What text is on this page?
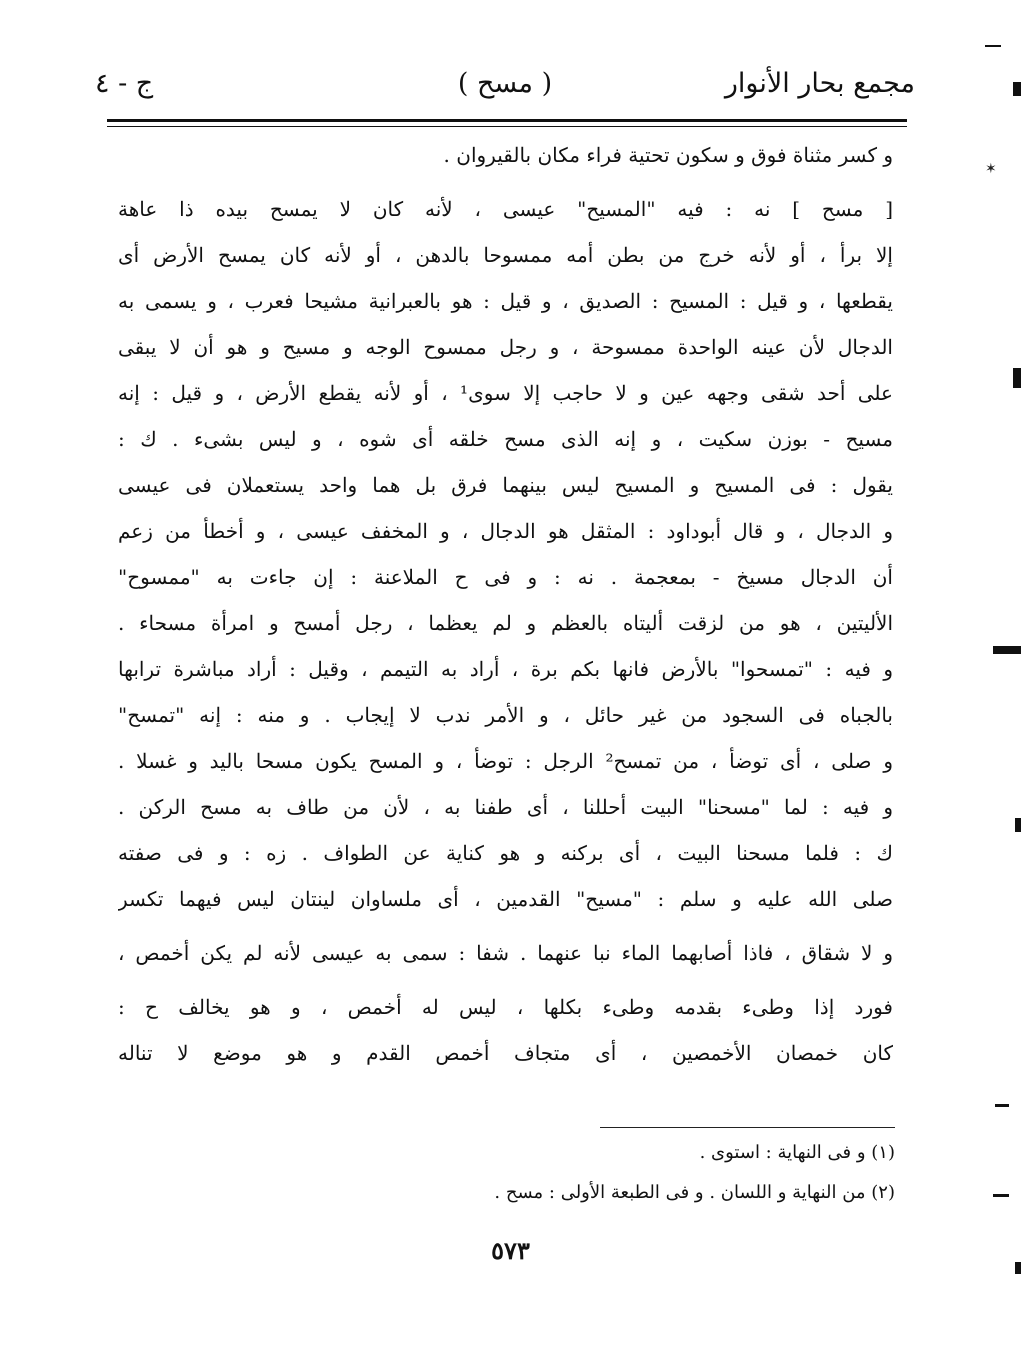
مجمع بحار الأنوار
( مسح )
ج - ٤
و كسر مثناة فوق و سكون تحتية فراء مكان بالقيروان .
[ مسح ] نه : فيه "المسيح" عيسى ، لأنه كان لا يمسح بيده ذا عاهة
إلا برأ ، أو لأنه خرج من بطن أمه ممسوحا بالدهن ، أو لأنه كان يمسح الأرض أى
يقطعها ، و قيل : المسيح : الصديق ، و قيل : هو بالعبرانية مشيحا فعرب ، و يسمى به
الدجال لأن عينه الواحدة ممسوحة ، و رجل ممسوح الوجه و مسيح و هو أن لا يبقى
على أحد شقى وجهه عين و لا حاجب إلا سوى¹ ، أو لأنه يقطع الأرض ، و قيل : إنه
مسيح - بوزن سكيت ، و إنه الذى مسح خلقه أى شوه ، و ليس بشىء . ك :
يقول : فى المسيح و المسيح ليس بينهما فرق بل هما واحد يستعملان فى عيسى
و الدجال ، و قال أبوداود : المثقل هو الدجال ، و المخفف عيسى ، و أخطأ من زعم
أن الدجال مسيخ - بمعجمة . نه : و فى ح الملاعنة : إن جاءت به "ممسوح"
الأليتين ، هو من لزقت أليتاه بالعظم و لم يعظما ، رجل أمسح و امرأة مسحاء .
و فيه : "تمسحوا" بالأرض فانها بكم برة ، أراد به التيمم ، وقيل : أراد مباشرة ترابها
بالجباه فى السجود من غير حائل ، و الأمر ندب لا إيجاب . و منه : إنه "تمسح"
و صلى ، أى توضأ ، من تمسح² الرجل : توضأ ، و المسح يكون مسحا باليد و غسلا .
و فيه : لما "مسحنا" البيت أحللنا ، أى طفنا به ، لأن من طاف به مسح الركن .
ك : فلما مسحنا البيت ، أى بركنه و هو كناية عن الطواف . زه : و فى صفته
صلى الله عليه و سلم : "مسيح" القدمين ، أى ملساوان لينتان ليس فيهما تكسر
و لا شقاق ، فاذا أصابهما الماء نبا عنهما . شفا : سمى به عيسى لأنه لم يكن أخمص ،
فورد إذا وطىء بقدمه وطىء بكلها ، ليس له أخمص ، و هو يخالف ح :
كان خمصان الأخمصين ، أى متجاف أخمص القدم و هو موضع لا تناله
(١) و فى النهاية : استوى .
(٢) من النهاية و اللسان . و فى الطبعة الأولى : مسح .
٥٧٣
✶
